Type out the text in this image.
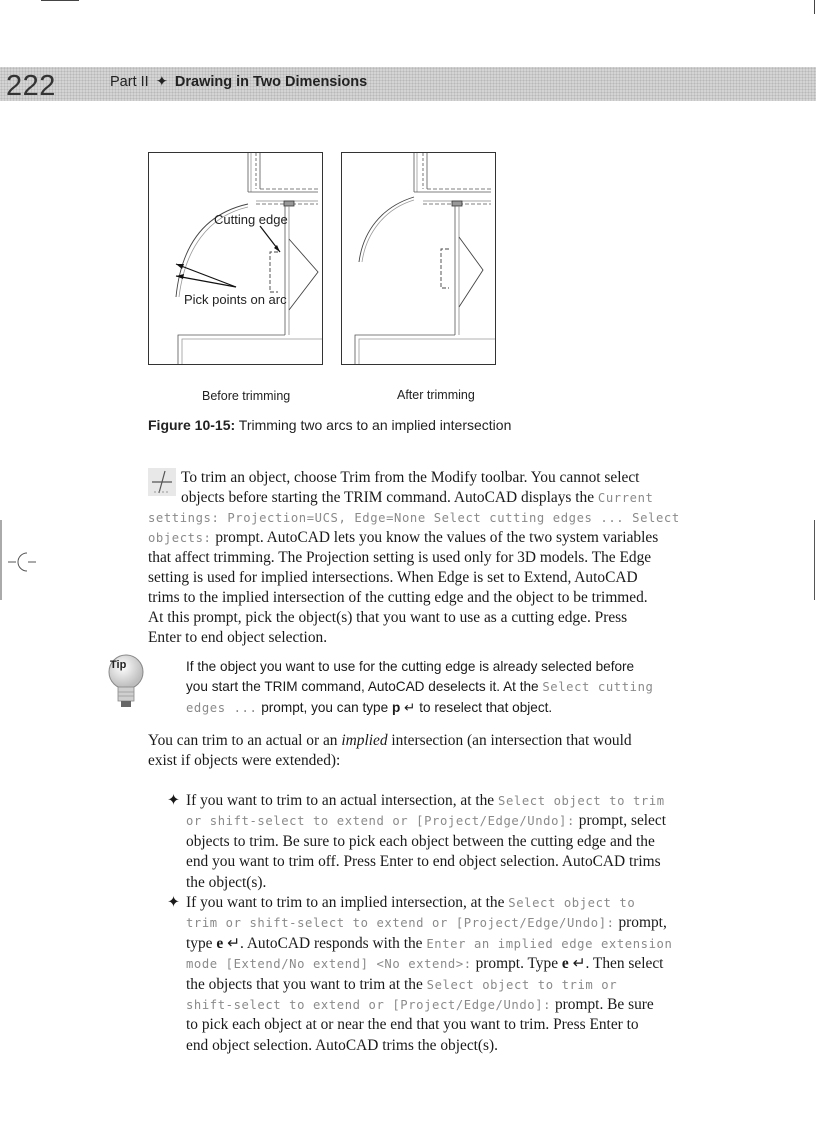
222	Part II ✦ Drawing in Two Dimensions
Cutting edge
Pick points on arc
Before trimming	After trimming
Figure 10-15: Trimming two arcs to an implied intersection
To trim an object, choose Trim from the Modify toolbar. You cannot select
objects before starting the TRIM command. AutoCAD displays the Current
settings: Projection=UCS, Edge=None Select cutting edges ... Select
objects: prompt. AutoCAD lets you know the values of the two system variables
that affect trimming. The Projection setting is used only for 3D models. The Edge
setting is used for implied intersections. When Edge is set to Extend, AutoCAD
trims to the implied intersection of the cutting edge and the object to be trimmed.
At this prompt, pick the object(s) that you want to use as a cutting edge. Press
Enter to end object selection.
Tip	If the object you want to use for the cutting edge is already selected before
you start the TRIM command, AutoCAD deselects it. At the Select cutting
edges ... prompt, you can type p ↵ to reselect that object.
You can trim to an actual or an implied intersection (an intersection that would
exist if objects were extended):
✦ If you want to trim to an actual intersection, at the Select object to trim
or shift-select to extend or [Project/Edge/Undo]: prompt, select
objects to trim. Be sure to pick each object between the cutting edge and the
end you want to trim off. Press Enter to end object selection. AutoCAD trims
the object(s).
✦ If you want to trim to an implied intersection, at the Select object to
trim or shift-select to extend or [Project/Edge/Undo]: prompt,
type e ↵. AutoCAD responds with the Enter an implied edge extension
mode [Extend/No extend] <No extend>: prompt. Type e ↵. Then select
the objects that you want to trim at the Select object to trim or
shift-select to extend or [Project/Edge/Undo]: prompt. Be sure
to pick each object at or near the end that you want to trim. Press Enter to
end object selection. AutoCAD trims the object(s).
